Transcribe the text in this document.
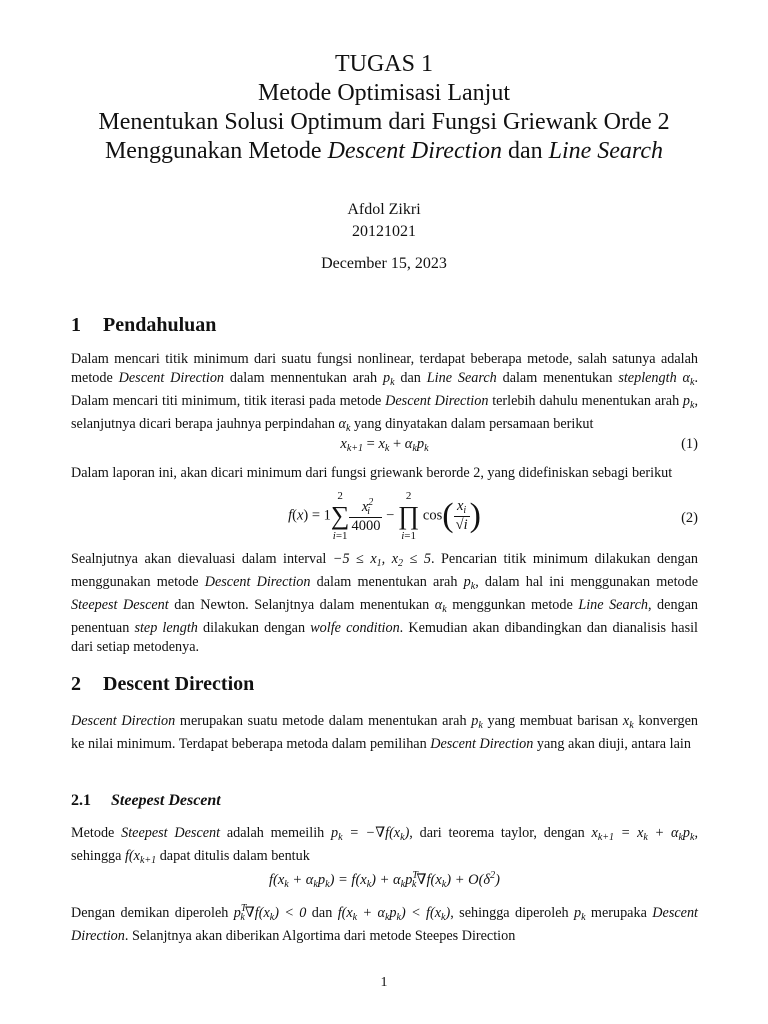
TUGAS 1
Metode Optimisasi Lanjut
Menentukan Solusi Optimum dari Fungsi Griewank Orde 2
Menggunakan Metode Descent Direction dan Line Search
Afdol Zikri
20121021
December 15, 2023
1 Pendahuluan

Dalam mencari titik minimum dari suatu fungsi nonlinear, terdapat beberapa metode, salah satunya adalah metode Descent Direction dalam mennentukan arah $p_k$ dan Line Search dalam menentukan steplength $\alpha_k$. Dalam mencari titi minimum, titik iterasi pada metode Descent Direction terlebih dahulu menentukan arah $p_k$, selanjutnya dicari berapa jauhnya perpindahan $\alpha_k$ yang dinyatakan dalam persamaan berikut

$x_{k+1} = x_k + \alpha_kp_k$	(1)
Dalam laporan ini, akan dicari minimum dari fungsi griewank berorde 2, yang didefiniskan sebagi berikut
f(x) = 12
∑
i=1
$\frac{x^2_i}{4000} - 2$
∏
i=1 $\cos( \frac{x_i}{√i}$ )	(2)

Sealnjutnya akan dievaluasi dalam interval $-5 \le x_1$, $x_2 \le 5$. Pencarian titik minimum dilakukan dengan menggunakan metode Descent Direction dalam menentukan arah $p_k$, dalam hal ini menggunakan metode Steepest Descent dan Newton. Selanjtnya dalam menentukan $\alpha_k$ menggunkan metode Line Search, dengan penentuan step length dilakukan dengan wolfe condition. Kemudian akan dibandingkan dan dianalisis hasil dari setiap metodenya.

2 Descent Direction

Descent Direction merupakan suatu metode dalam menentukan arah $p_k$ yang membuat barisan $x_k$ konvergen ke nilai minimum. Terdapat beberapa metoda dalam pemilihan Descent Direction yang akan diuji, antara lain

2.1 Steepest Descent

Metode Steepest Descent adalah memeilih $p_k = -\nabla f(x_k)$, dari teorema taylor, dengan $x_{k+1} = x_k + \alpha_kp_k$, sehingga $f(x_{k+1}$ dapat ditulis dalam bentuk

$f(x_k + \alpha_kp_k) = f(x_k) + \alpha_kp^T_k\nabla f(x_k) + O(\delta^2)$

Dengan demikan diperoleh $p^T_k\nabla f(x_k) < 0$ dan $f(x_k + \alpha_kp_k) < f(x_k)$, sehingga diperoleh $p_k$ merupaka Descent Direction. Selanjtnya akan diberikan Algortima dari metode Steepes Direction

1
